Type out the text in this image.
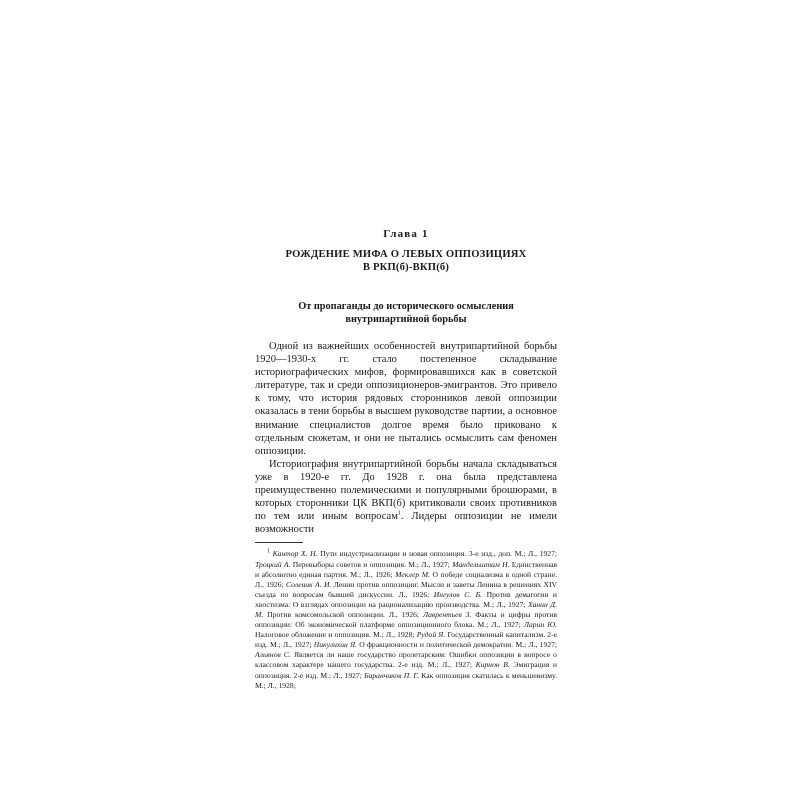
Глава 1
РОЖДЕНИЕ МИФА О ЛЕВЫХ ОППОЗИЦИЯХ
В РКП(б)-ВКП(б)
От пропаганды до исторического осмысления
внутрипартийной борьбы

Одной из важнейших особенностей внутрипартийной борьбы 1920—1930-х гг. стало постепенное складывание историографических мифов, формировавшихся как в советской литературе, так и среди оппозиционеров-эмигрантов. Это привело к тому, что история рядовых сторонников левой оппозиции оказалась в тени борьбы в высшем руководстве партии, а основное внимание специалистов долгое время было приковано к отдельным сюжетам, и они не пытались осмыслить сам феномен оппозиции.

Историография внутрипартийной борьбы начала складываться уже в 1920-е гг. До 1928 г. она была представлена преимущественно полемическими и популярными брошюрами, в которых сторонники ЦК ВКП(б) критиковали своих противников по тем или иным вопросам$^1$. Лидеры оппозиции не имели возможности

$^1$ Кантор Х. Н. Пути индустриализации и новая оппозиция. 3-е изд., доп. М.; Л., 1927; Троцкий А. Перевыборы советов и оппозиция. М.; Л., 1927; Мандельштам Н. Единственная и абсолютно единая партия. М.; Л., 1926; Меклер М. О победе социализма в одной стране. Л., 1926; Соленик А. И. Ленин против оппозиции: Мысли и заветы Ленина в решениях XIV съезда по вопросам бывшей дискуссии. Л., 1926; Ингулов С. Б. Против демагогии и хвостизма: О взглядах оппозиции на рационализацию производства. М.; Л., 1927; Ханин Д. М. Против комсомольской оппозиции. Л., 1926; Лаврентьев З. Факты и цифры против оппозиции: Об экономической платформе оппозиционного блока. М.; Л., 1927; Ларин Ю. Налоговое обложение и оппозиция. М.; Л., 1928; Рудой Я. Государственный капитализм. 2-е изд. М.; Л., 1927; Никулихин Я. О фракционности и политической демократии. М.; Л., 1927; Альянов С. Является ли наше государство пролетарским: Ошибки оппозиции в вопросе о классовом характере нашего государства. 2-е изд. М.; Л., 1927; Кирнон В. Эмиграция и оппозиция. 2-е изд. М.; Л., 1927; Баранчиков П. Г. Как оппозиция скатилась к меньшевизму. М.; Л., 1928;
